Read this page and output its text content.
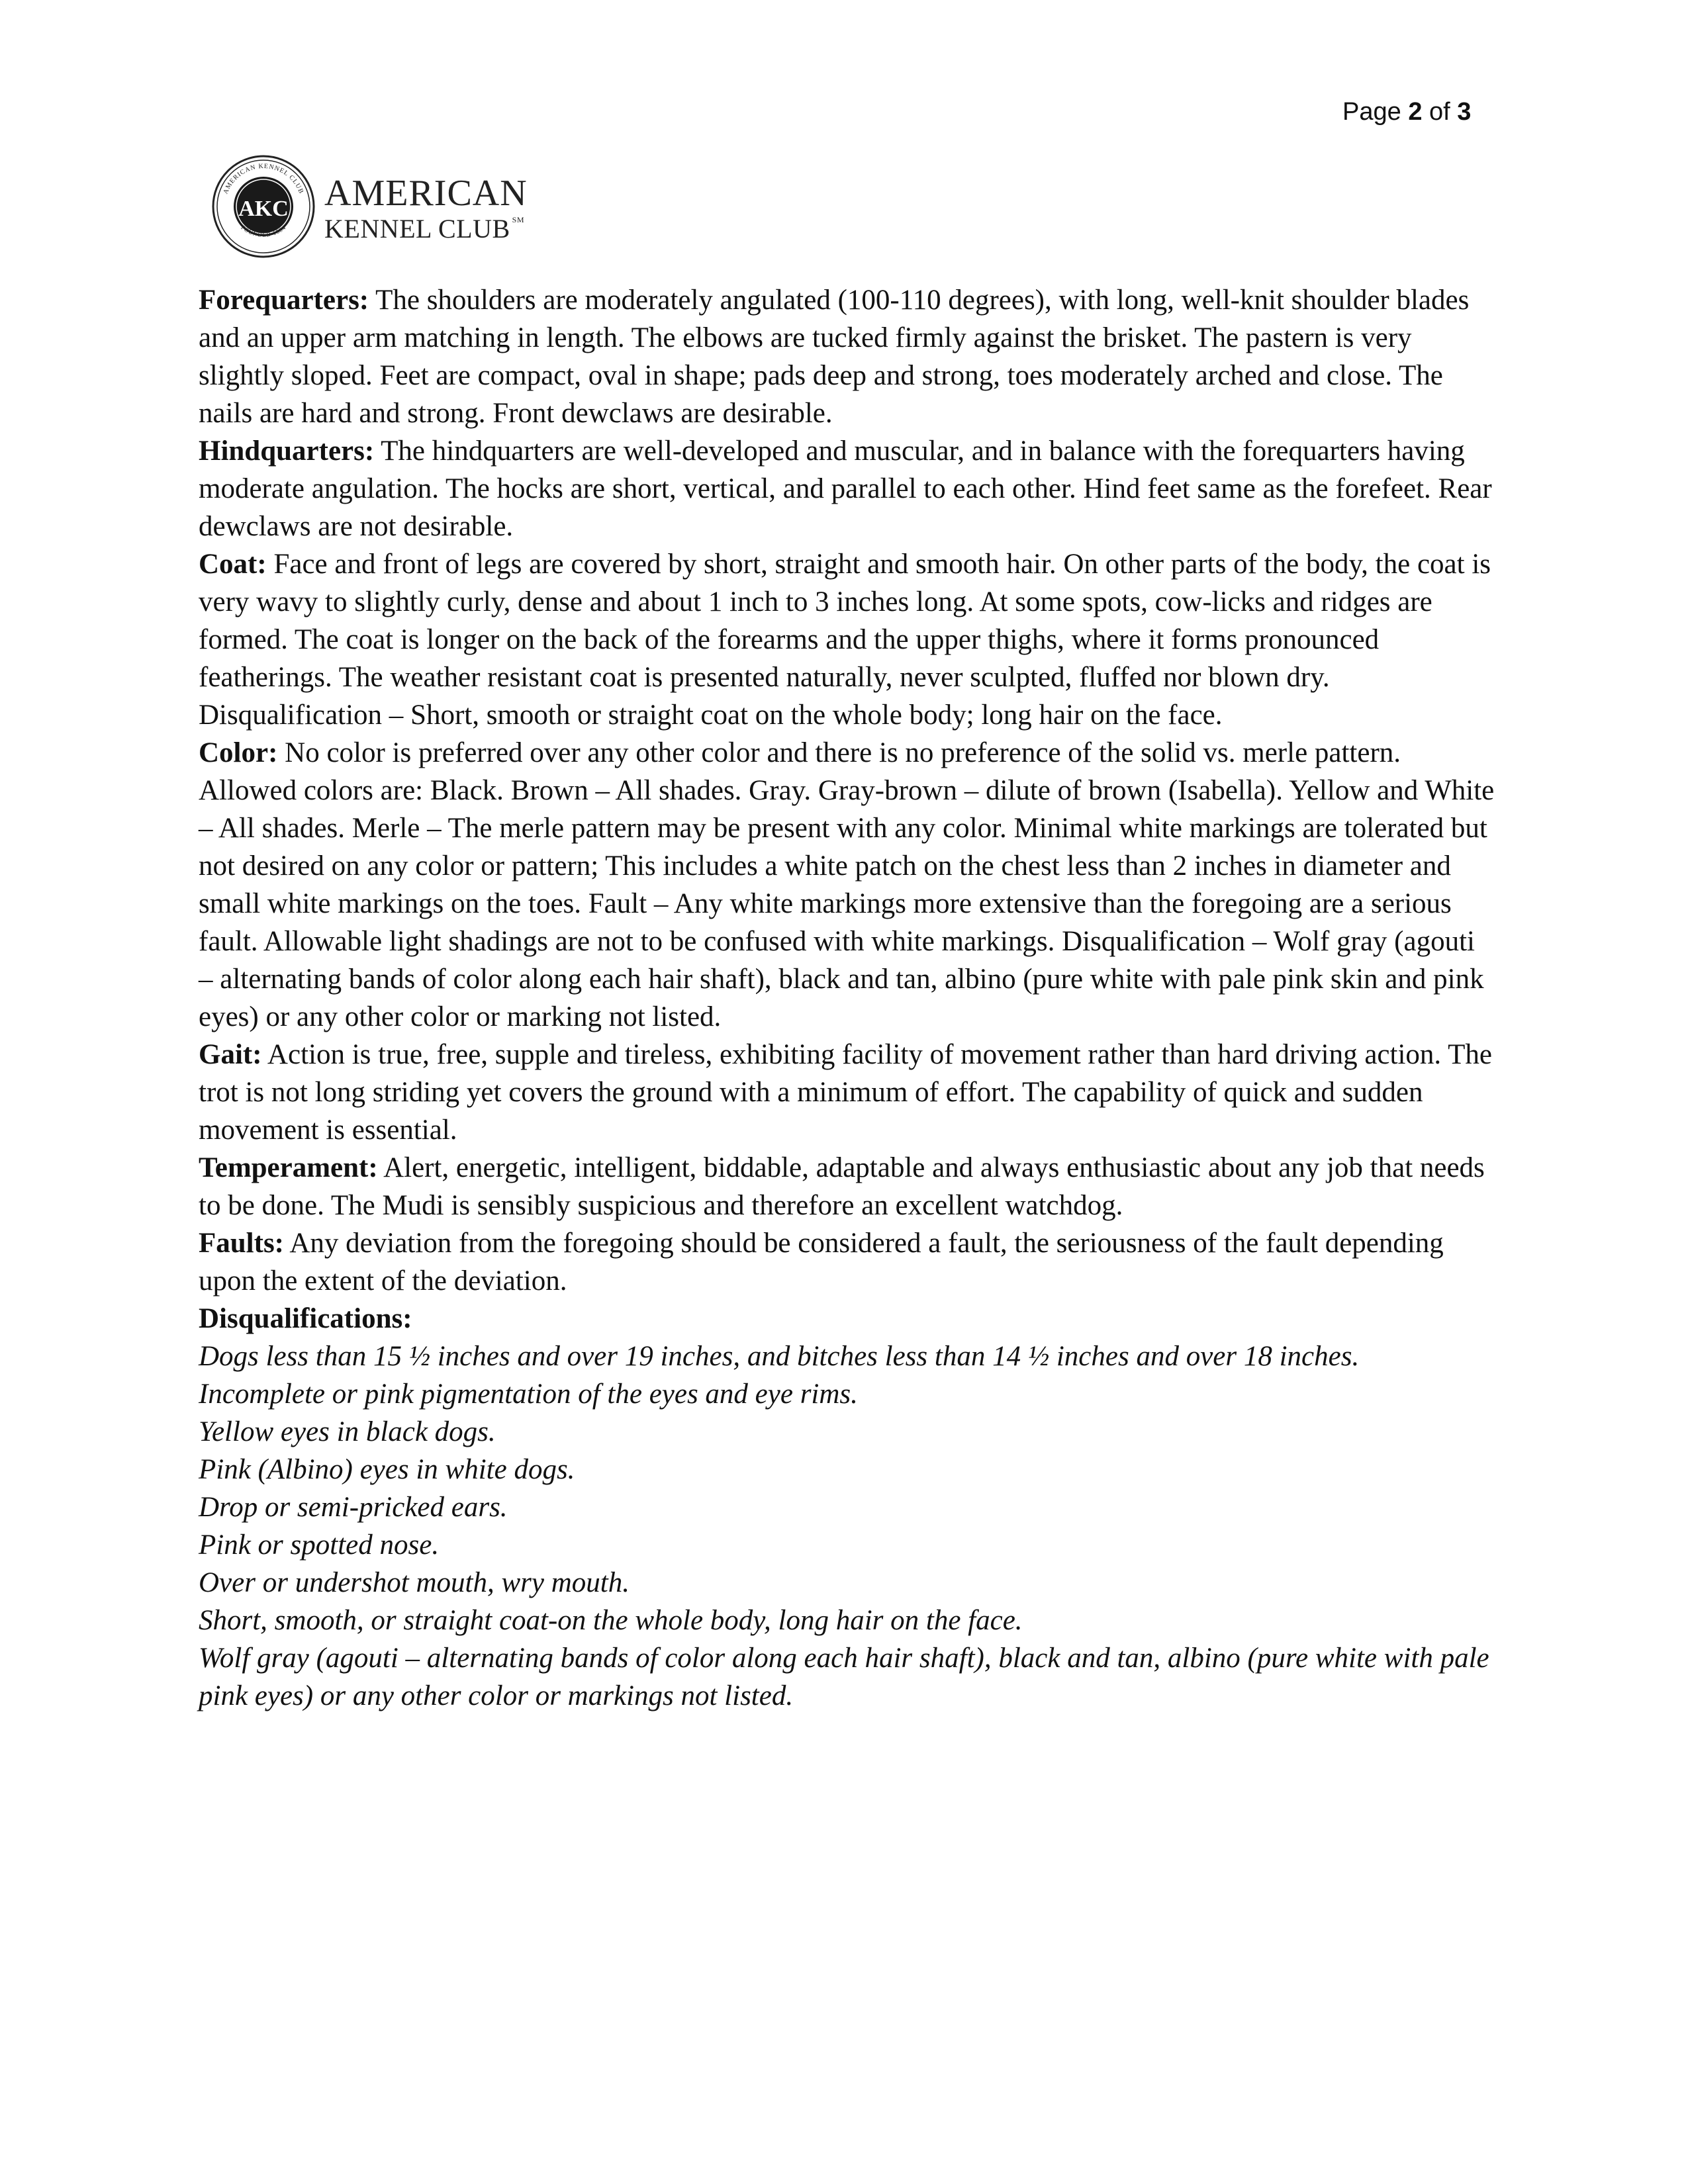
Page 2 of 3
AMERICAN KENNEL CLUB
FOUNDED 1884
AKC AMERICAN
KENNEL CLUB ℠

Forequarters: The shoulders are moderately angulated (100-110 degrees), with long, well-knit shoulder blades and an upper arm matching in length. The elbows are tucked firmly against the brisket. The pastern is very slightly sloped. Feet are compact, oval in shape; pads deep and strong, toes moderately arched and close. The nails are hard and strong. Front dewclaws are desirable.

Hindquarters: The hindquarters are well-developed and muscular, and in balance with the forequarters having moderate angulation. The hocks are short, vertical, and parallel to each other. Hind feet same as the forefeet. Rear dewclaws are not desirable.

Coat: Face and front of legs are covered by short, straight and smooth hair. On other parts of the body, the coat is very wavy to slightly curly, dense and about 1 inch to 3 inches long. At some spots, cow-licks and ridges are formed. The coat is longer on the back of the forearms and the upper thighs, where it forms pronounced featherings. The weather resistant coat is presented naturally, never sculpted, fluffed nor blown dry. Disqualification – Short, smooth or straight coat on the whole body; long hair on the face.

Color: No color is preferred over any other color and there is no preference of the solid vs. merle pattern. Allowed colors are: Black. Brown – All shades. Gray. Gray-brown – dilute of brown (Isabella). Yellow and White – All shades. Merle – The merle pattern may be present with any color. Minimal white markings are tolerated but not desired on any color or pattern; This includes a white patch on the chest less than 2 inches in diameter and small white markings on the toes. Fault – Any white markings more extensive than the foregoing are a serious fault. Allowable light shadings are not to be confused with white markings. Disqualification – Wolf gray (agouti – alternating bands of color along each hair shaft), black and tan, albino (pure white with pale pink skin and pink eyes) or any other color or marking not listed.

Gait: Action is true, free, supple and tireless, exhibiting facility of movement rather than hard driving action. The trot is not long striding yet covers the ground with a minimum of effort. The capability of quick and sudden movement is essential.

Temperament: Alert, energetic, intelligent, biddable, adaptable and always enthusiastic about any job that needs to be done. The Mudi is sensibly suspicious and therefore an excellent watchdog.

Faults: Any deviation from the foregoing should be considered a fault, the seriousness of the fault depending upon the extent of the deviation.

Disqualifications:

Dogs less than 15 ½ inches and over 19 inches, and bitches less than 14 ½ inches and over 18 inches.

Incomplete or pink pigmentation of the eyes and eye rims.

Yellow eyes in black dogs.

Pink (Albino) eyes in white dogs.

Drop or semi-pricked ears.

Pink or spotted nose.

Over or undershot mouth, wry mouth.

Short, smooth, or straight coat-on the whole body, long hair on the face.

Wolf gray (agouti – alternating bands of color along each hair shaft), black and tan, albino (pure white with pale pink eyes) or any other color or markings not listed.
